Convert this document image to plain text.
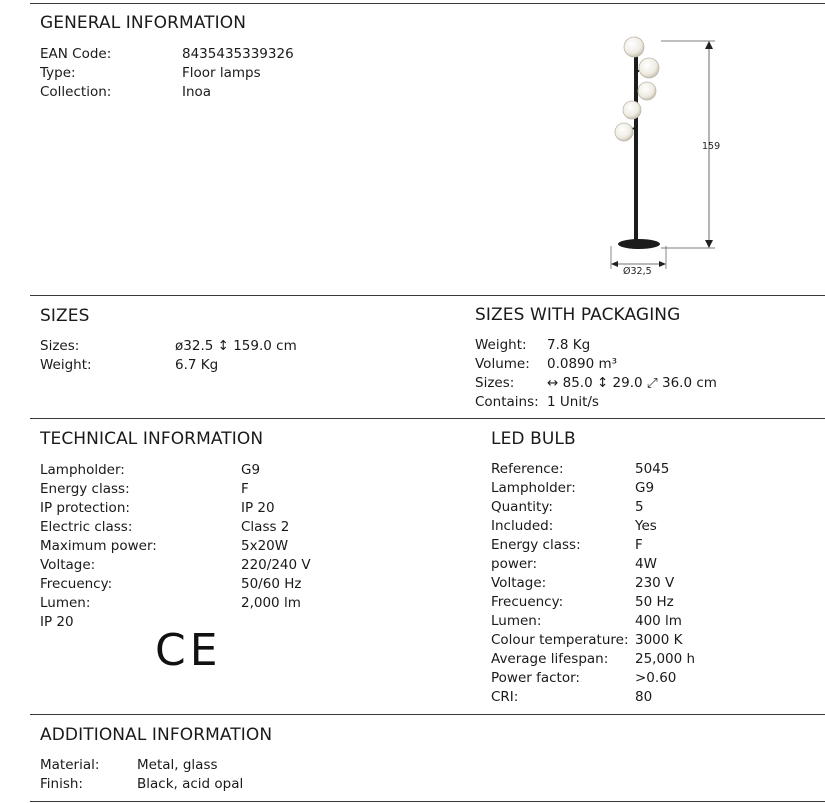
GENERAL INFORMATION
EAN Code:	8435435339326
Type:	Floor lamps
Collection:	Inoa
159
Ø32,5
SIZES
Sizes:	ø32.5 ↕ 159.0 cm
Weight:	6.7 Kg
SIZES WITH PACKAGING
Weight: 7.8 Kg
Volume: 0.0890 m³
Sizes: ↔ 85.0 ↕ 29.0 ⤢ 36.0 cm
Contains: 1 Unit/s
TECHNICAL INFORMATION
Lampholder:	G9
Energy class:	F
IP protection:	IP 20
Electric class:	Class 2
Maximum power:	5x20W
Voltage:	220/240 V
Frecuency:	50/60 Hz
Lumen:	2,000 lm
IP 20
CE
LED BULB
Reference:	5045
Lampholder:	G9
Quantity:	5
Included:	Yes
Energy class:	F
power:	4W
Voltage:	230 V
Frecuency:	50 Hz
Lumen:	400 lm
Colour temperature: 3000 K
Average lifespan: 25,000 h
Power factor:	>0.60
CRI:	80
ADDITIONAL INFORMATION
Material:	Metal, glass
Finish:	Black, acid opal
